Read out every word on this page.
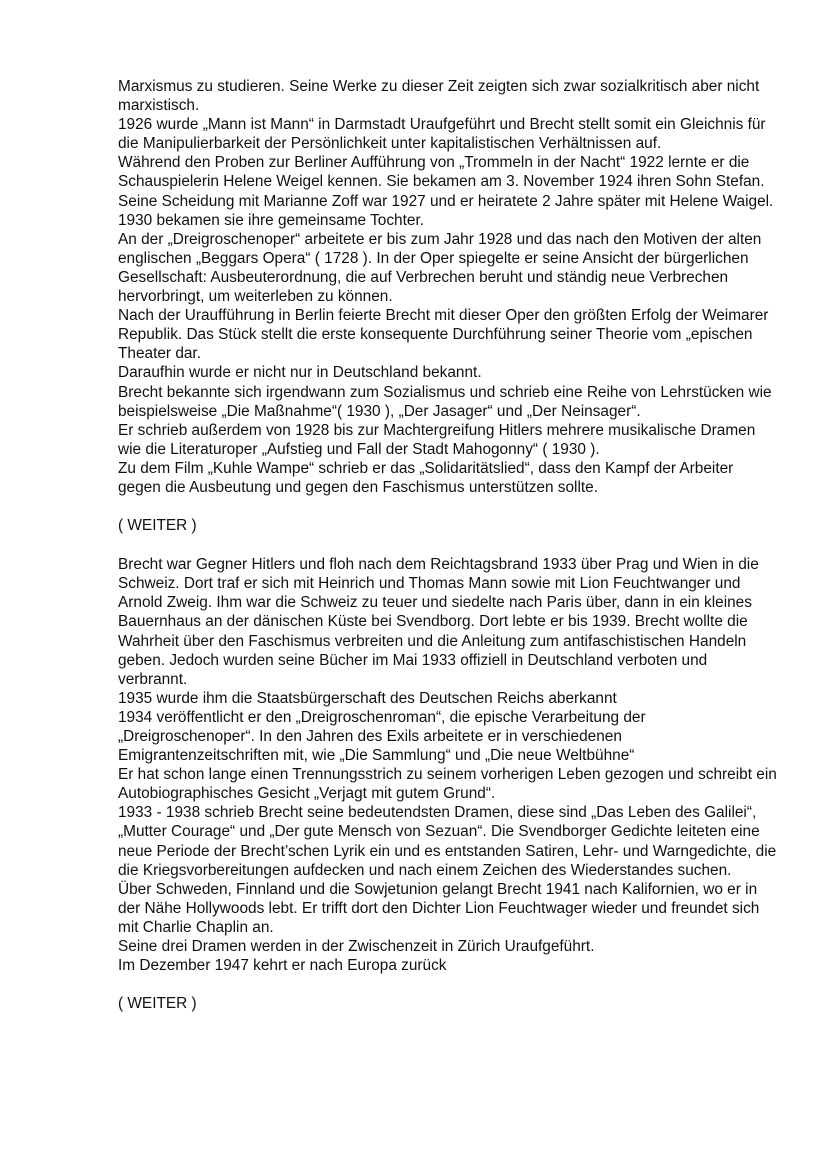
Marxismus zu studieren. Seine Werke zu dieser Zeit zeigten sich zwar sozialkritisch aber nicht marxistisch.

1926 wurde „Mann ist Mann“ in Darmstadt Uraufgeführt und Brecht stellt somit ein Gleichnis für die Manipulierbarkeit der Persönlichkeit unter kapitalistischen Verhältnissen auf.

Während den Proben zur Berliner Aufführung von „Trommeln in der Nacht“ 1922 lernte er die Schauspielerin Helene Weigel kennen. Sie bekamen am 3. November 1924 ihren Sohn Stefan. Seine Scheidung mit Marianne Zoff war 1927 und er heiratete 2 Jahre später mit Helene Waigel. 1930 bekamen sie ihre gemeinsame Tochter.

An der „Dreigroschenoper“ arbeitete er bis zum Jahr 1928 und das nach den Motiven der alten englischen „Beggars Opera“ ( 1728 ). In der Oper spiegelte er seine Ansicht der bürgerlichen Gesellschaft: Ausbeuterordnung, die auf Verbrechen beruht und ständig neue Verbrechen hervorbringt, um weiterleben zu können.

Nach der Uraufführung in Berlin feierte Brecht mit dieser Oper den größten Erfolg der Weimarer Republik. Das Stück stellt die erste konsequente Durchführung seiner Theorie vom „epischen Theater dar.

Daraufhin wurde er nicht nur in Deutschland bekannt.

Brecht bekannte sich irgendwann zum Sozialismus und schrieb eine Reihe von Lehrstücken wie beispielsweise „Die Maßnahme“( 1930 ), „Der Jasager“ und „Der Neinsager“.

Er schrieb außerdem von 1928 bis zur Machtergreifung Hitlers mehrere musikalische Dramen wie die Literaturoper „Aufstieg und Fall der Stadt Mahogonny“ ( 1930 ).

Zu dem Film „Kuhle Wampe“ schrieb er das „Solidaritätslied“, dass den Kampf der Arbeiter gegen die Ausbeutung und gegen den Faschismus unterstützen sollte.

( WEITER )

Brecht war Gegner Hitlers und floh nach dem Reichtagsbrand 1933 über Prag und Wien in die Schweiz. Dort traf er sich mit Heinrich und Thomas Mann sowie mit Lion Feuchtwanger und Arnold Zweig. Ihm war die Schweiz zu teuer und siedelte nach Paris über, dann in ein kleines Bauernhaus an der dänischen Küste bei Svendborg. Dort lebte er bis 1939. Brecht wollte die Wahrheit über den Faschismus verbreiten und die Anleitung zum antifaschistischen Handeln geben. Jedoch wurden seine Bücher im Mai 1933 offiziell in Deutschland verboten und verbrannt.

1935 wurde ihm die Staatsbürgerschaft des Deutschen Reichs aberkannt

1934 veröffentlicht er den „Dreigroschenroman“, die epische Verarbeitung der „Dreigroschenoper“. In den Jahren des Exils arbeitete er in verschiedenen Emigrantenzeitschriften mit, wie „Die Sammlung“ und „Die neue Weltbühne“

Er hat schon lange einen Trennungsstrich zu seinem vorherigen Leben gezogen und schreibt ein Autobiographisches Gesicht „Verjagt mit gutem Grund“.

1933 - 1938 schrieb Brecht seine bedeutendsten Dramen, diese sind „Das Leben des Galilei“, „Mutter Courage“ und „Der gute Mensch von Sezuan“. Die Svendborger Gedichte leiteten eine neue Periode der Brecht’schen Lyrik ein und es entstanden Satiren, Lehr- und Warngedichte, die die Kriegsvorbereitungen aufdecken und nach einem Zeichen des Wiederstandes suchen.

Über Schweden, Finnland und die Sowjetunion gelangt Brecht 1941 nach Kalifornien, wo er in der Nähe Hollywoods lebt. Er trifft dort den Dichter Lion Feuchtwager wieder und freundet sich mit Charlie Chaplin an.

Seine drei Dramen werden in der Zwischenzeit in Zürich Uraufgeführt.

Im Dezember 1947 kehrt er nach Europa zurück

( WEITER )
